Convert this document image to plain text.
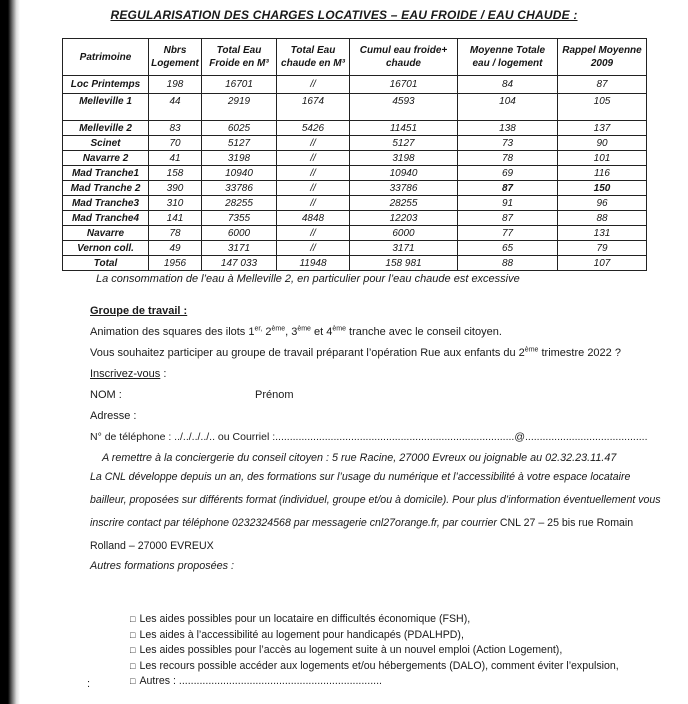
REGULARISATION DES CHARGES LOCATIVES – EAU FROIDE / EAU CHAUDE :
Patrimoine	Nbrs Logement	Total Eau Froide en M³	Total Eau chaude en M³	Cumul eau froide+ chaude	Moyenne Totale eau / logement	Rappel Moyenne 2009
Loc Printemps	198	16701	//	16701	84	87
Melleville 1	44	2919	1674	4593	104	105
Melleville 2	83	6025	5426	11451	138	137
Scinet	70	5127	//	5127	73	90
Navarre 2	41	3198	//	3198	78	101
Mad Tranche1	158	10940	//	10940	69	116
Mad Tranche 2	390	33786	//	33786	87	150
Mad Tranche3	310	28255	//	28255	91	96
Mad Tranche4	141	7355	4848	12203	87	88
Navarre	78	6000	//	6000	77	131
Vernon coll.	49	3171	//	3171	65	79
Total	1956	147 033	11948	158 981	88	107
La consommation de l’eau à Melleville 2, en particulier pour l’eau chaude est excessive
Groupe de travail :
Animation des squares des ilots $1^{er,}$ 2ème, 3ème et 4ème tranche avec le conseil citoyen.
Vous souhaitez participer au groupe de travail préparant l’opération Rue aux enfants du 2ème trimestre 2022 ?
Inscrivez-vous :
NOM :	Prénom
Adresse :
N° de téléphone : ../../../../.. ou Courriel :..................................................................................@..........................................
A remettre à la conciergerie du conseil citoyen : 5 rue Racine, 27000 Evreux ou joignable au 02.32.23.11.47
La CNL développe depuis un an, des formations sur l’usage du numérique et l’accessibilité à votre espace locataire bailleur, proposées sur différents format (individuel, groupe et/ou à domicile). Pour plus d’information éventuellement vous inscrire contact par téléphone 0232324568 par messagerie cnl27orange.fr, par courrier CNL 27 – 25 bis rue Romain Rolland – 27000 EVREUX
Autres formations proposées :
□ Les aides possibles pour un locataire en difficultés économique (FSH),
□ Les aides à l’accessibilité au logement pour handicapés (PDALHPD),
□ Les aides possibles pour l’accès au logement suite à un nouvel emploi (Action Logement),
□ Les recours possible accéder aux logements et/ou hébergements (DALO), comment éviter l’expulsion,
□ Autres : .....................................................................
:
